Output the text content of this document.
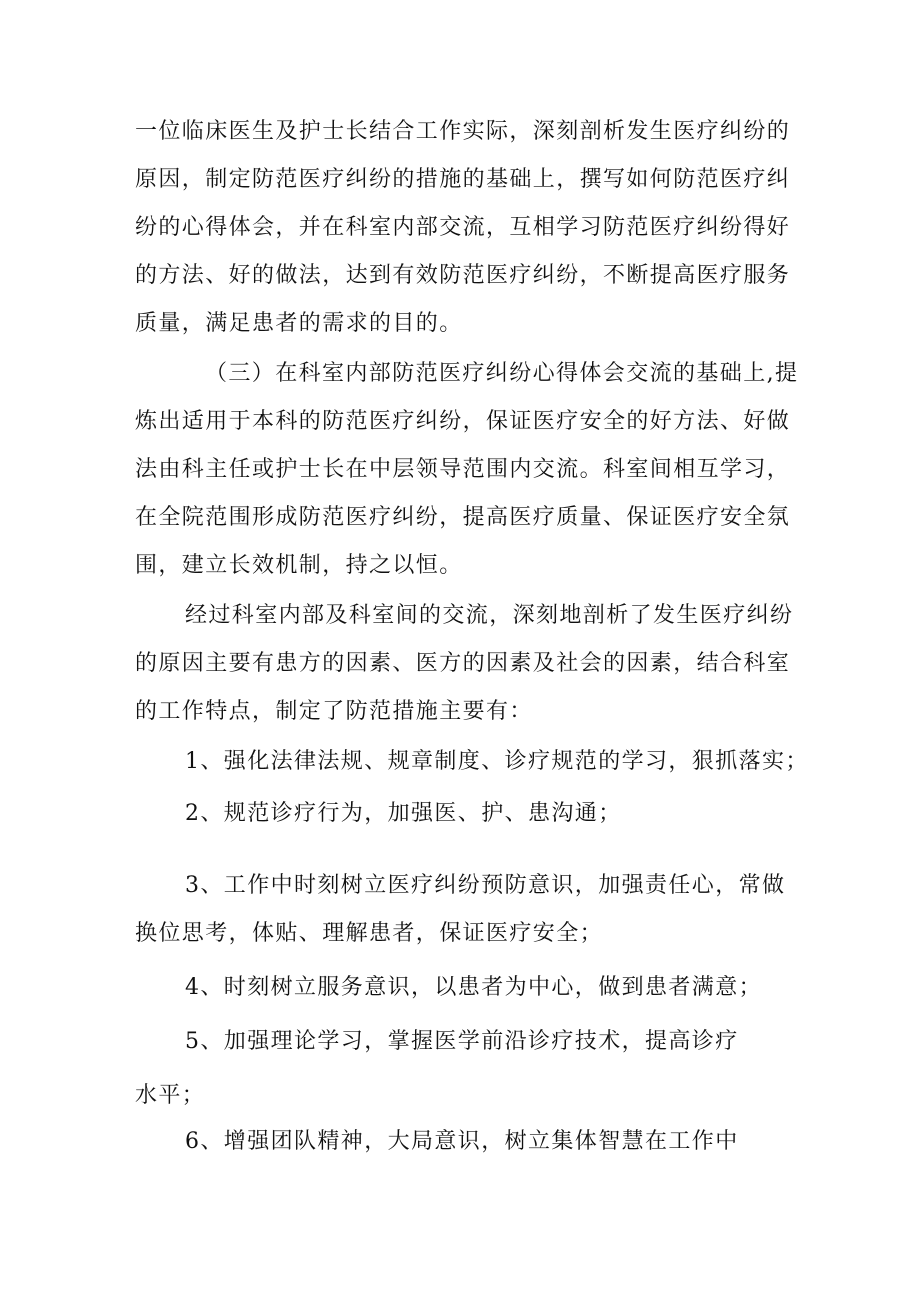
一位临床医生及护士长结合工作实际，深刻剖析发生医疗纠纷的
原因，制定防范医疗纠纷的措施的基础上，撰写如何防范医疗纠
纷的心得体会，并在科室内部交流，互相学习防范医疗纠纷得好
的方法、好的做法，达到有效防范医疗纠纷，不断提高医疗服务
质量，满足患者的需求的目的。
（三）在科室内部防范医疗纠纷心得体会交流的基础上,提
炼出适用于本科的防范医疗纠纷，保证医疗安全的好方法、好做
法由科主任或护士长在中层领导范围内交流。科室间相互学习，
在全院范围形成防范医疗纠纷，提高医疗质量、保证医疗安全氛
围，建立长效机制，持之以恒。
经过科室内部及科室间的交流，深刻地剖析了发生医疗纠纷
的原因主要有患方的因素、医方的因素及社会的因素，结合科室
的工作特点，制定了防范措施主要有：
1、强化法律法规、规章制度、诊疗规范的学习，狠抓落实；
2、规范诊疗行为，加强医、护、患沟通；
3、工作中时刻树立医疗纠纷预防意识，加强责任心，常做
换位思考，体贴、理解患者，保证医疗安全；
4、时刻树立服务意识，以患者为中心，做到患者满意；
5、加强理论学习，掌握医学前沿诊疗技术，提高诊疗
水平；
6、增强团队精神，大局意识，树立集体智慧在工作中
